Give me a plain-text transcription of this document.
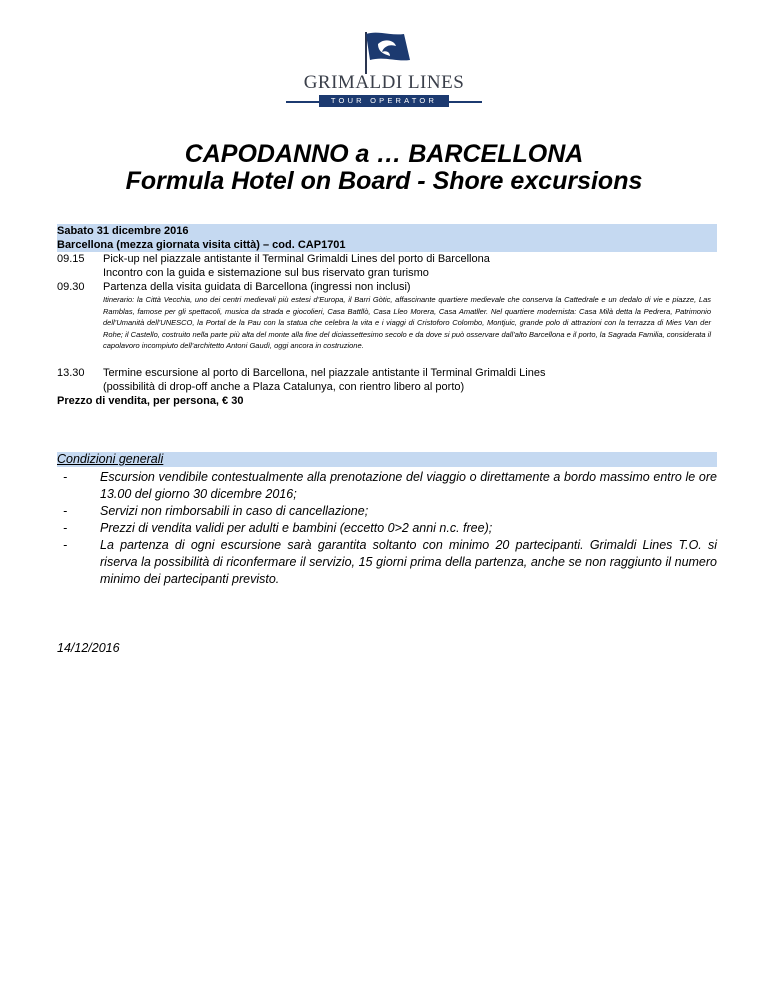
GRIMALDI LINES
TOUR OPERATOR
CAPODANNO a … BARCELLONA
Formula Hotel on Board - Shore excursions
Sabato 31 dicembre 2016
Barcellona (mezza giornata visita città) – cod. CAP1701
09.15	Pick-up nel piazzale antistante il Terminal Grimaldi Lines del porto di Barcellona
Incontro con la guida e sistemazione sul bus riservato gran turismo
09.30	Partenza della visita guidata di Barcellona (ingressi non inclusi)
Itinerario: la Città Vecchia, uno dei centri medievali più estesi d’Europa, il Barri Gòtic, affascinante quartiere medievale che conserva la Cattedrale e un dedalo di vie e piazze, Las Ramblas, famose per gli spettacoli, musica da strada e giocolieri, Casa Battllò, Casa Lleo Morera, Casa Amatller. Nel quartiere modernista: Casa Milà detta la Pedrera, Patrimonio dell’Umanità dell’UNESCO, la Portal de la Pau con la statua che celebra la vita e i viaggi di Cristoforo Colombo, Montjuic, grande polo di attrazioni con la terrazza di Mies Van der Rohe; il Castello, costruito nella parte più alta del monte alla fine del diciassettesimo secolo e da dove si può osservare dall’alto Barcellona e il porto, la Sagrada Familia, considerata il capolavoro incompiuto dell’architetto Antoni Gaudì, oggi ancora in costruzione.
13.30	Termine escursione al porto di Barcellona, nel piazzale antistante il Terminal Grimaldi Lines
(possibilità di drop-off anche a Plaza Catalunya, con rientro libero al porto)
Prezzo di vendita, per persona, € 30
Condizioni generali
-	Escursion vendibile contestualmente alla prenotazione del viaggio o direttamente a bordo massimo entro le ore 13.00 del giorno 30 dicembre 2016;
-	Servizi non rimborsabili in caso di cancellazione;
-	Prezzi di vendita validi per adulti e bambini (eccetto 0>2 anni n.c. free);
-	La partenza di ogni escursione sarà garantita soltanto con minimo 20 partecipanti. Grimaldi Lines T.O. si riserva la possibilità di riconfermare il servizio, 15 giorni prima della partenza, anche se non raggiunto il numero minimo dei partecipanti previsto.
14/12/2016
